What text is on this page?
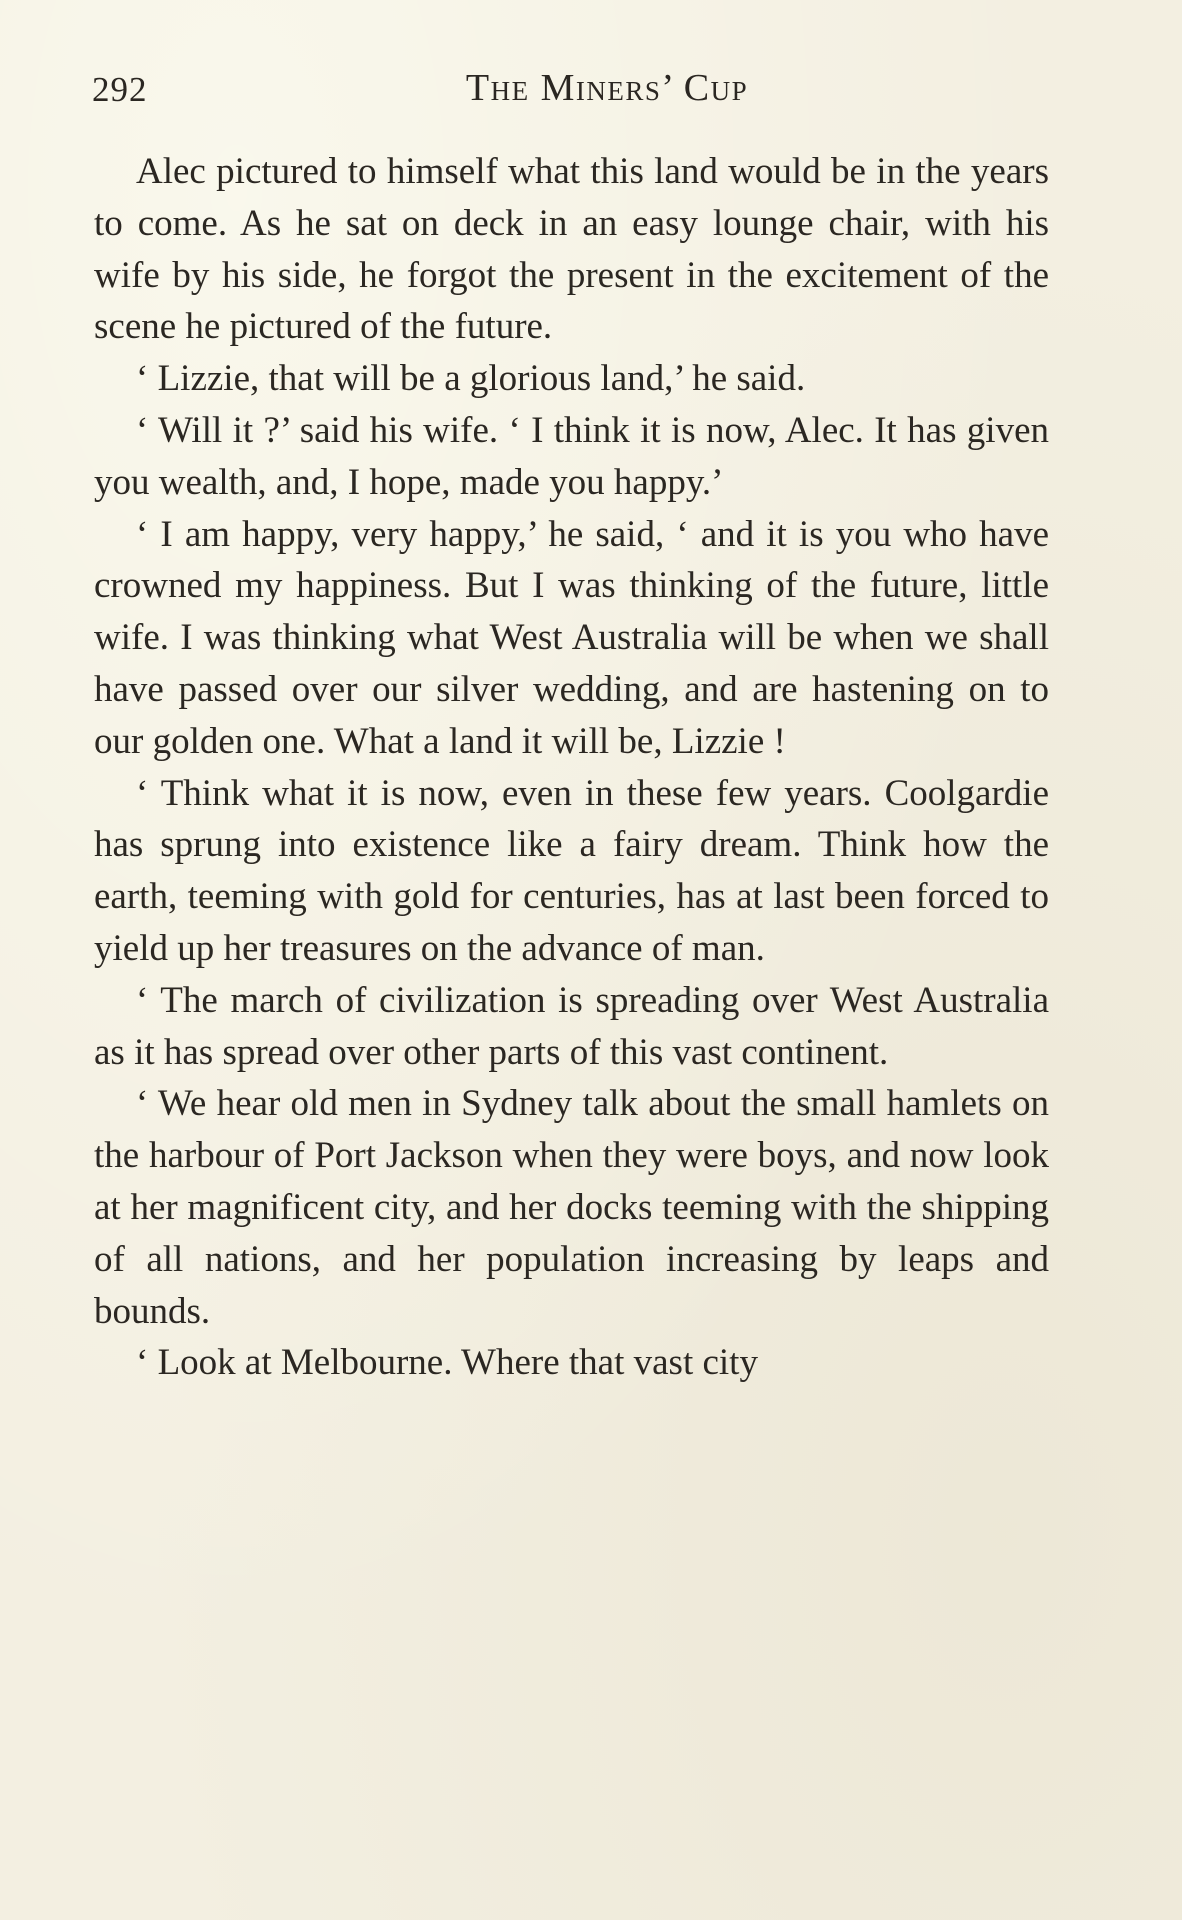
292	The Miners’ Cup

Alec pictured to himself what this land would be in the years to come. As he sat on deck in an easy lounge chair, with his wife by his side, he forgot the present in the excitement of the scene he pictured of the future.

‘ Lizzie, that will be a glorious land,’ he said.

‘ Will it ?’ said his wife. ‘ I think it is now, Alec. It has given you wealth, and, I hope, made you happy.’

‘ I am happy, very happy,’ he said, ‘ and it is you who have crowned my happiness. But I was thinking of the future, little wife. I was thinking what West Australia will be when we shall have passed over our silver wedding, and are hastening on to our golden one. What a land it will be, Lizzie !

‘ Think what it is now, even in these few years. Coolgardie has sprung into existence like a fairy dream. Think how the earth, teeming with gold for centuries, has at last been forced to yield up her treasures on the advance of man.

‘ The march of civilization is spreading over West Australia as it has spread over other parts of this vast continent.

‘ We hear old men in Sydney talk about the small hamlets on the harbour of Port Jackson when they were boys, and now look at her magnificent city, and her docks teeming with the shipping of all nations, and her population increasing by leaps and bounds.

‘ Look at Melbourne. Where that vast city
